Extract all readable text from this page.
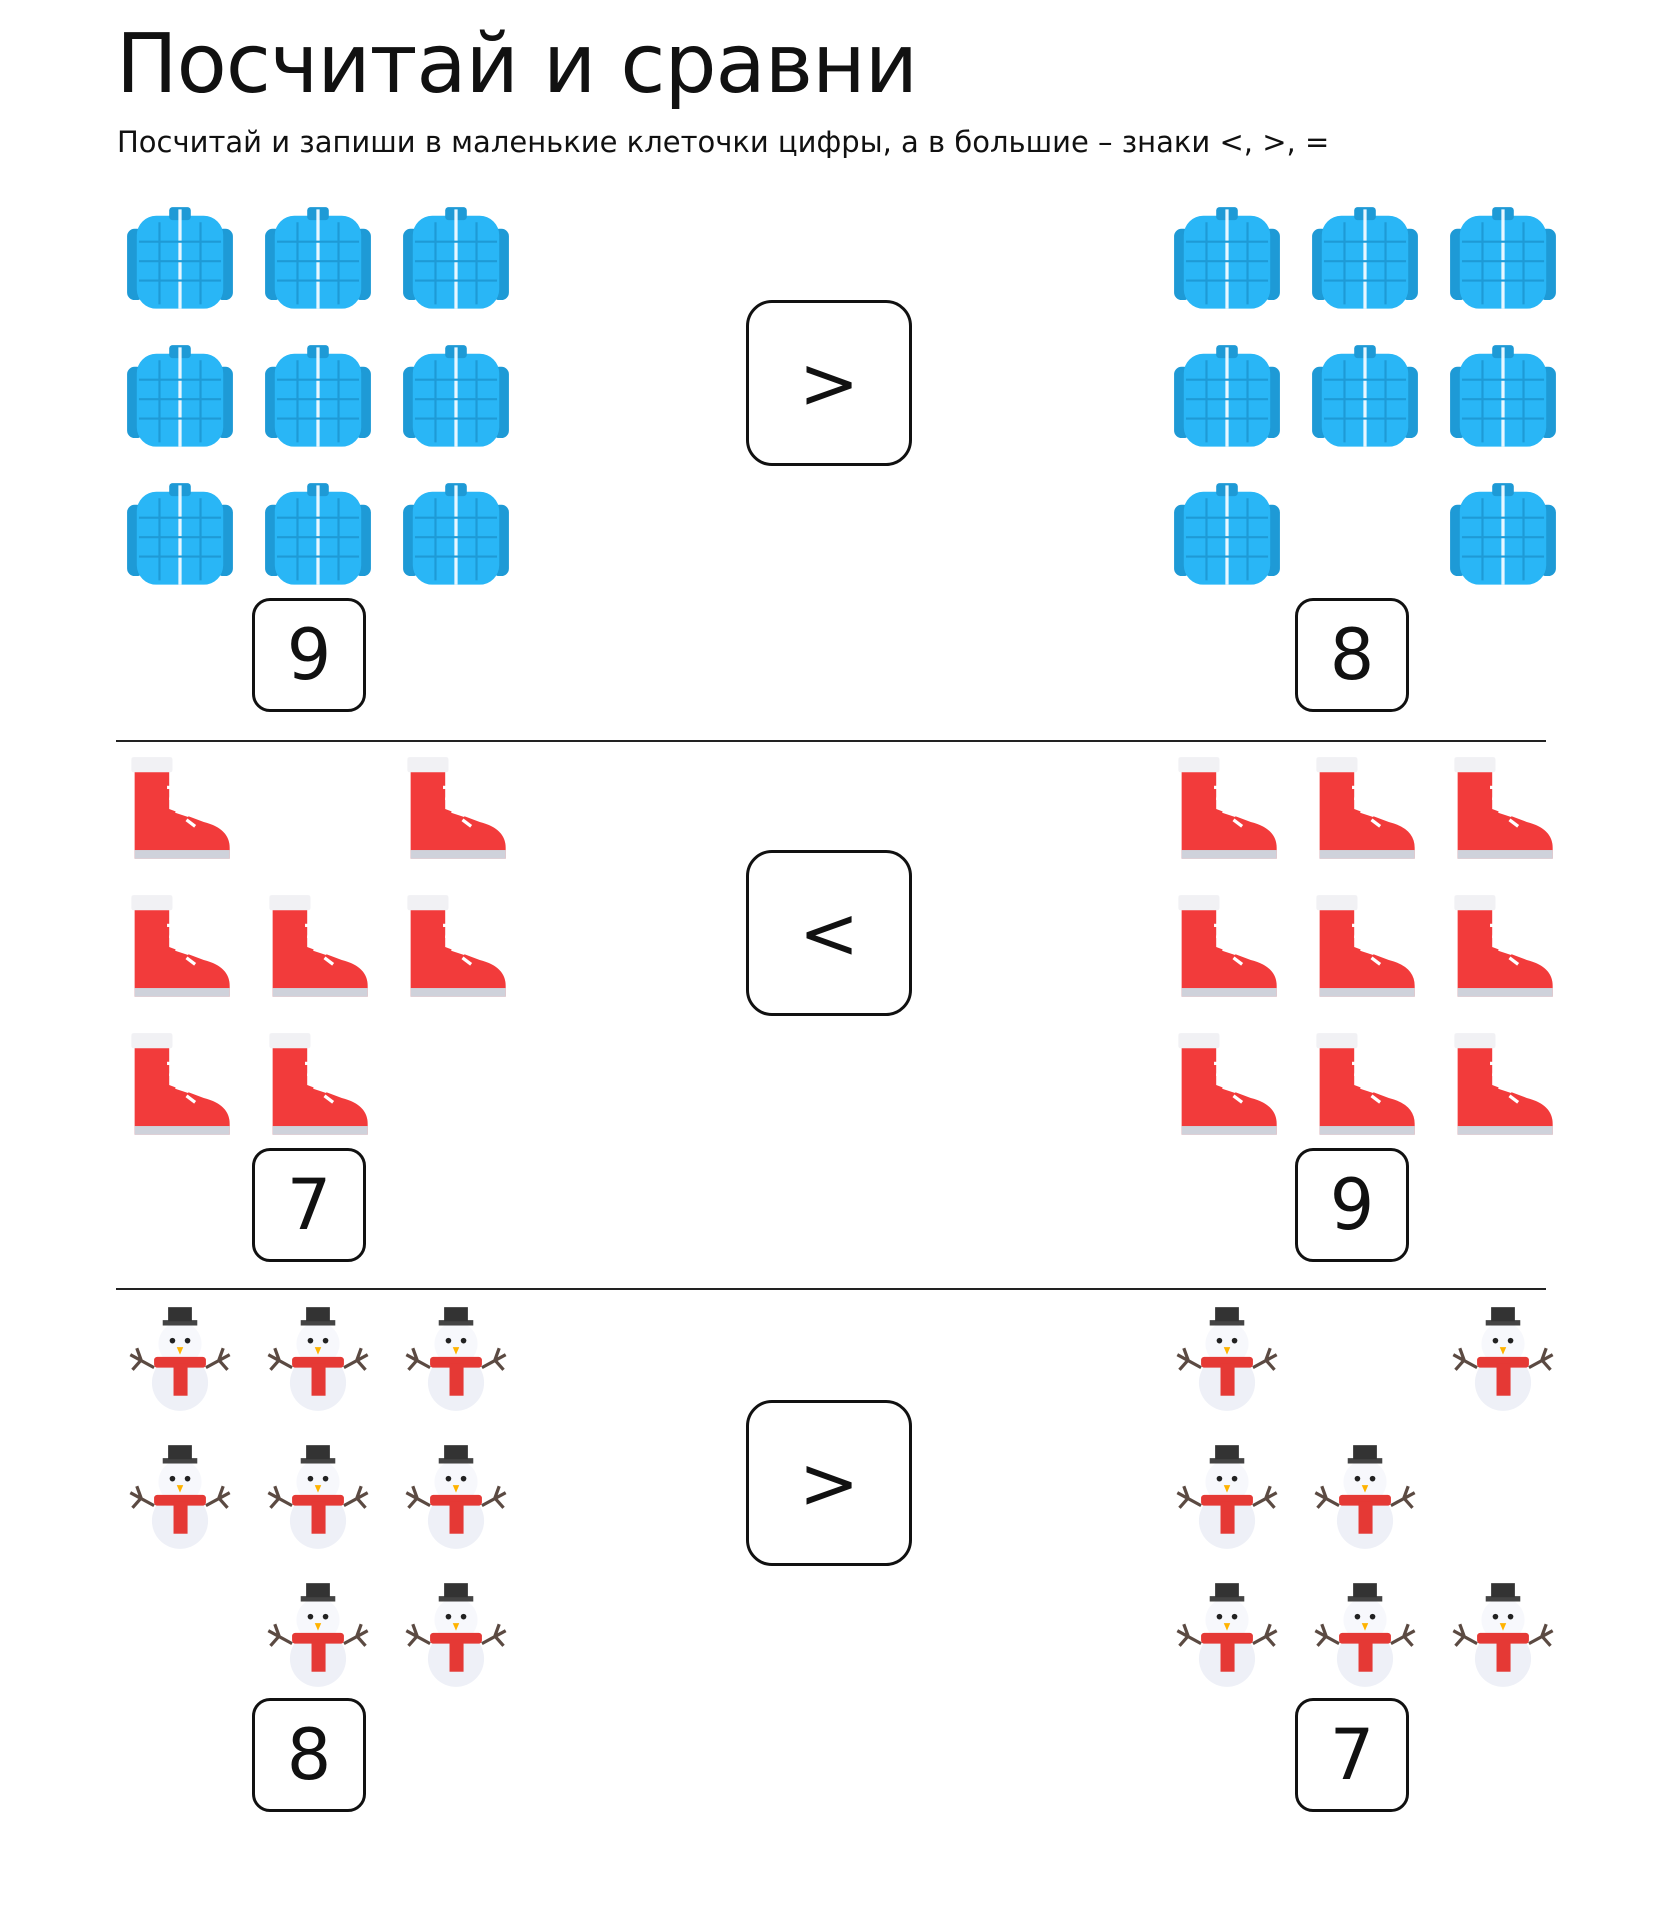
Посчитай и сравни

Посчитай и запиши в маленькие клеточки цифры, а в большие – знаки <, >, =

>
9	8
<
7	9
>
8	7
